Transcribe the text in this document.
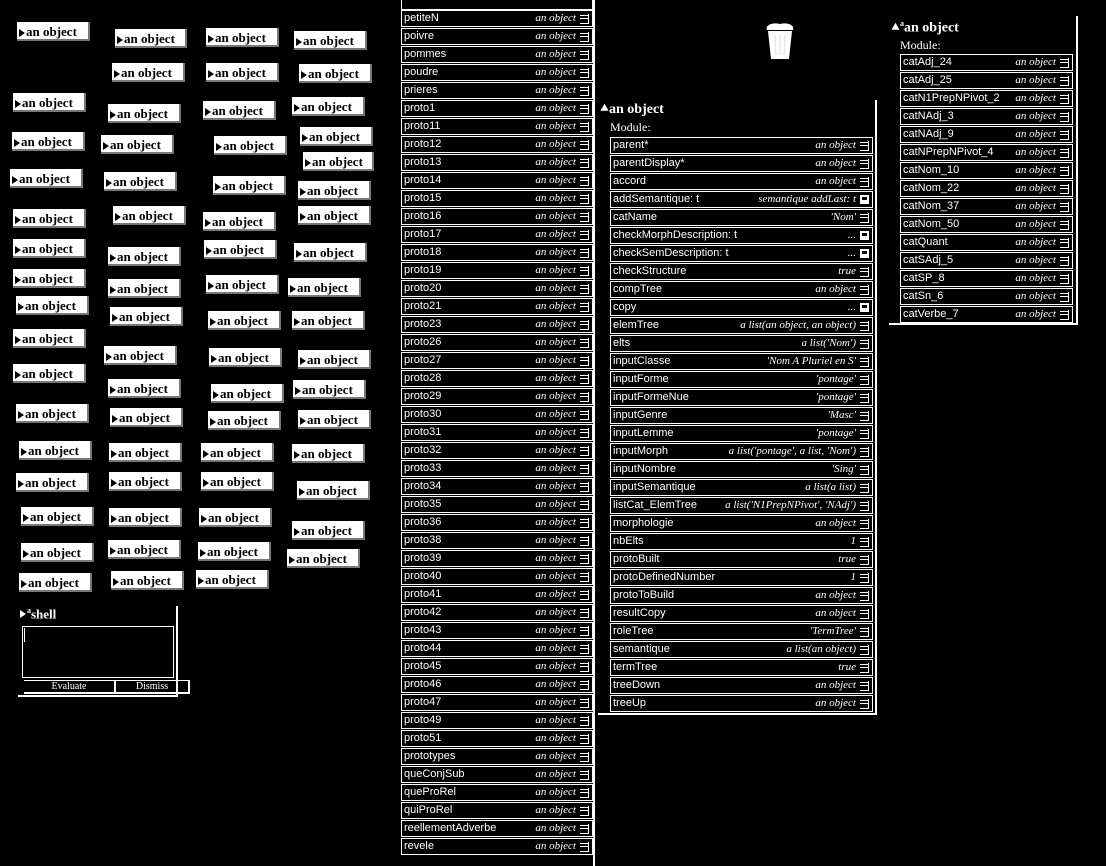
an object	an object	an object	an object
an object	an object	an object
an object
an object	an object	an object
an object	an object	an object
an object
an object
an object	an object	an object	an object
an object	an object	an object	an object
an object
an object	an object	an object
an object
an object	an object	an object
an object
an object	an object	an object
an object
an object	an object	an object
an object
an object	an object	an object
an object	an object	an object	an object
an object	an object	an object	an object
an object	an object	an object
an object
an object	an object	an object
an object
an object	an object	an object	an object
an object	an object	an object
$^a$shell
Evaluate	Dismiss
petiteN	an object
poivre	an object
pommes	an object
poudre	an object
prieres	an object
proto1	an object
proto11	an object
proto12	an object
proto13	an object
proto14	an object
proto15	an object
proto16	an object
proto17	an object
proto18	an object
proto19	an object
proto20	an object
proto21	an object
proto23	an object
proto26	an object
proto27	an object
proto28	an object
proto29	an object
proto30	an object
proto31	an object
proto32	an object
proto33	an object
proto34	an object
proto35	an object
proto36	an object
proto38	an object
proto39	an object
proto40	an object
proto41	an object
proto42	an object
proto43	an object
proto44	an object
proto45	an object
proto46	an object
proto47	an object
proto49	an object
proto51	an object
prototypes	an object
queConjSub	an object
queProRel	an object
quiProRel	an object
reellementAdverbe	an object
revele	an object
an object
Module:
parent*	an object
parentDisplay*	an object
accord	an object
addSemantique: t	semantique addLast: t
catName	'Nom'
checkMorphDescription: t	...
checkSemDescription: t	...
checkStructure	true
compTree	an object
copy	...
elemTree	a list(an object, an object)
elts	a list('Nom')
inputClasse	'Nom A Pluriel en S'
inputForme	'pontage'
inputFormeNue	'pontage'
inputGenre	'Masc'
inputLemme	'pontage'
inputMorph	a list('pontage', a list, 'Nom')
inputNombre	'Sing'
inputSemantique	a list(a list)
listCat_ElemTree	a list('N1PrepNPivot', 'NAdj')
morphologie	an object
nbElts	1
protoBuilt	true
protoDefinedNumber	1
protoToBuild	an object
resultCopy	an object
roleTree	'TermTree'
semantique	a list(an object)
termTree	true
treeDown	an object
treeUp	an object
$^a$an object
Module:
catAdj_24	an object
catAdj_25	an object
catN1PrepNPivot_2 an object
catNAdj_3	an object
catNAdj_9	an object
catNPrepNPivot_4 an object
catNom_10	an object
catNom_22	an object
catNom_37	an object
catNom_50	an object
catQuant	an object
catSAdj_5	an object
catSP_8	an object
catSn_6	an object
catVerbe_7	an object
